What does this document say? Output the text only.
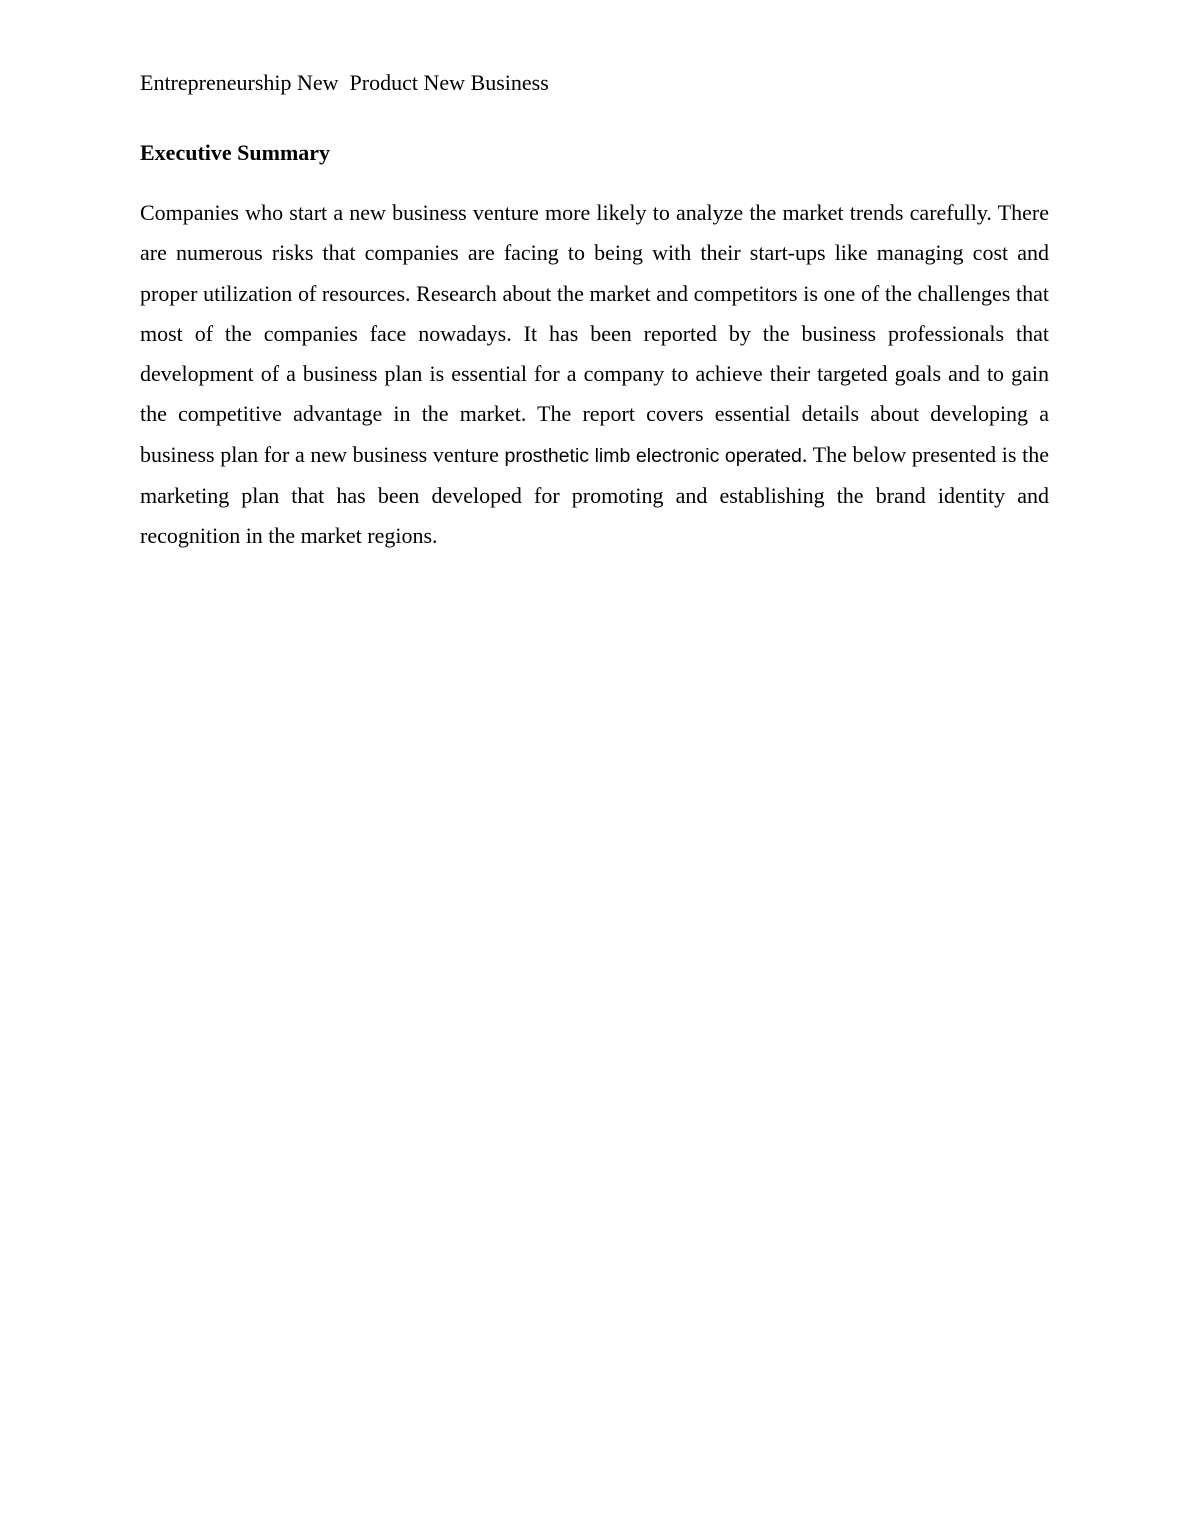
Entrepreneurship New  Product New Business
Executive Summary

Companies who start a new business venture more likely to analyze the market trends carefully. There are numerous risks that companies are facing to being with their start-ups like managing cost and proper utilization of resources. Research about the market and competitors is one of the challenges that most of the companies face nowadays. It has been reported by the business professionals that development of a business plan is essential for a company to achieve their targeted goals and to gain the competitive advantage in the market. The report covers essential details about developing a business plan for a new business venture prosthetic limb electronic operated. The below presented is the marketing plan that has been developed for promoting and establishing the brand identity and recognition in the market regions.
